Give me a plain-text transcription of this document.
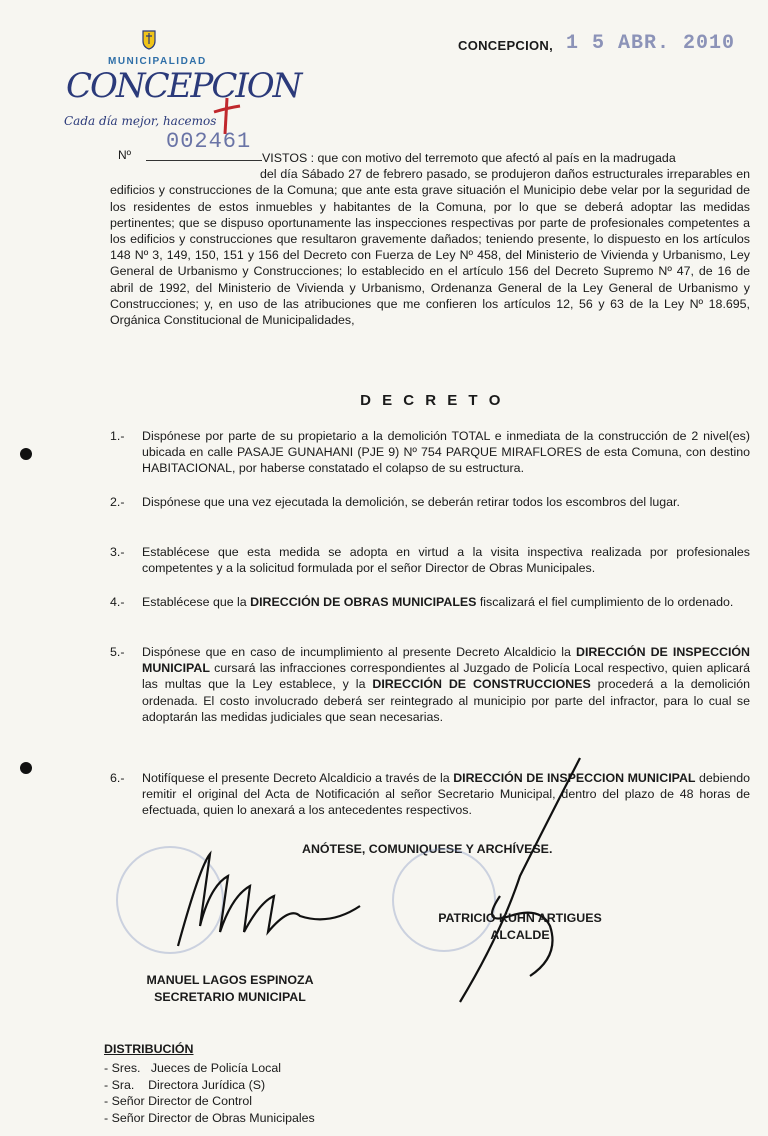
MUNICIPALIDAD
CONCEPCION
Cada día mejor, hacemos
CONCEPCION, 1 5 ABR. 2010
Nº
002461
VISTOS : que con motivo del terremoto que afectó al país en la madrugada
del día Sábado 27 de febrero pasado, se produjeron daños estructurales irreparables en edificios y construcciones de la Comuna; que ante esta grave situación el Municipio debe velar por la seguridad de los residentes de estos inmuebles y habitantes de la Comuna, por lo que se deberá adoptar las medidas pertinentes; que se dispuso oportunamente las inspecciones respectivas por parte de profesionales competentes a los edificios y construcciones que resultaron gravemente dañados; teniendo presente, lo dispuesto en los artículos 148 Nº 3, 149, 150, 151 y 156 del Decreto con Fuerza de Ley Nº 458, del Ministerio de Vivienda y Urbanismo, Ley General de Urbanismo y Construcciones; lo establecido en el artículo 156 del Decreto Supremo Nº 47, de 16 de abril de 1992, del Ministerio de Vivienda y Urbanismo, Ordenanza General de la Ley General de Urbanismo y Construcciones; y, en uso de las atribuciones que me confieren los artículos 12, 56 y 63 de la Ley Nº 18.695, Orgánica Constitucional de Municipalidades,
D E C R E T O
1.- Dispónese por parte de su propietario a la demolición TOTAL e inmediata de la construcción de 2 nivel(es) ubicada en calle PASAJE GUNAHANI (PJE 9) Nº 754 PARQUE MIRAFLORES de esta Comuna, con destino HABITACIONAL, por haberse constatado el colapso de su estructura.
2.- Dispónese que una vez ejecutada la demolición, se deberán retirar todos los escombros del lugar.
3.- Establécese que esta medida se adopta en virtud a la visita inspectiva realizada por profesionales competentes y a la solicitud formulada por el señor Director de Obras Municipales.
4.- Establécese que la DIRECCIÓN DE OBRAS MUNICIPALES fiscalizará el fiel cumplimiento de lo ordenado.
5.- Dispónese que en caso de incumplimiento al presente Decreto Alcaldicio la DIRECCIÓN DE INSPECCIÓN MUNICIPAL cursará las infracciones correspondientes al Juzgado de Policía Local respectivo, quien aplicará las multas que la Ley establece, y la DIRECCIÓN DE CONSTRUCCIONES procederá a la demolición ordenada. El costo involucrado deberá ser reintegrado al municipio por parte del infractor, para lo cual se adoptarán las medidas judiciales que sean necesarias.
6.- Notifíquese el presente Decreto Alcaldicio a través de la DIRECCIÓN DE INSPECCION MUNICIPAL debiendo remitir el original del Acta de Notificación al señor Secretario Municipal, dentro del plazo de 48 horas de efectuada, quien lo anexará a los antecedentes respectivos.
ANÓTESE, COMUNIQUESE Y ARCHÍVESE.
MANUEL LAGOS ESPINOZA
SECRETARIO MUNICIPAL
PATRICIO KUHN ARTIGUES
ALCALDE
DISTRIBUCIÓN
- Sres.   Jueces de Policía Local
- Sra.    Directora Jurídica (S)
- Señor Director de Control
- Señor Director de Obras Municipales
